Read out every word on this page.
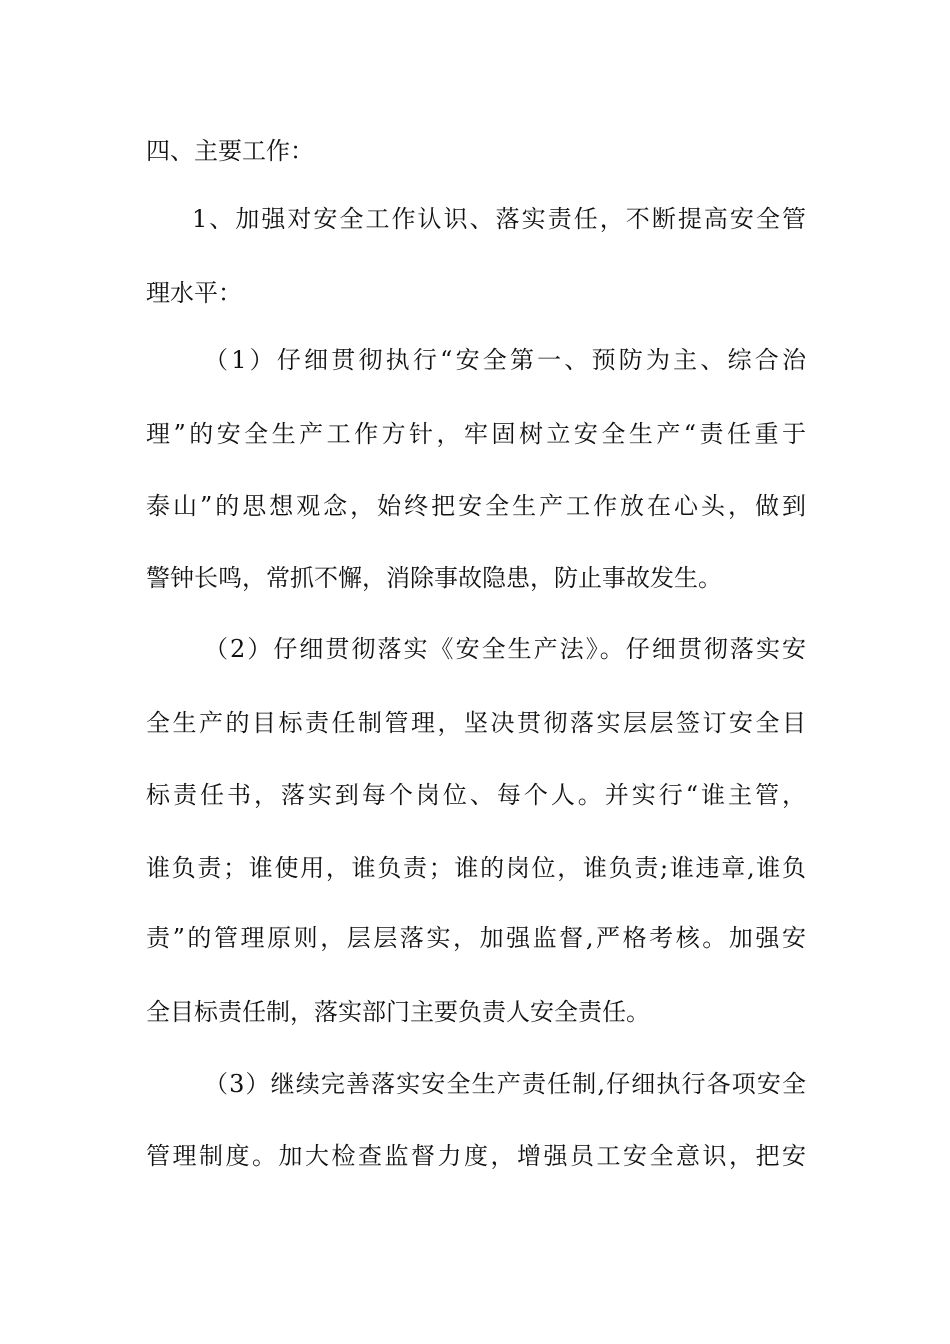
四、主要工作：
1、加强对安全工作认识、落实责任，不断提高安全管
理水平：
（1）仔细贯彻执行“安全第一、预防为主、综合治
理”的安全生产工作方针，牢固树立安全生产“责任重于
泰山”的思想观念，始终把安全生产工作放在心头，做到
警钟长鸣，常抓不懈，消除事故隐患，防止事故发生。
（2）仔细贯彻落实《安全生产法》。仔细贯彻落实安
全生产的目标责任制管理，坚决贯彻落实层层签订安全目
标责任书，落实到每个岗位、每个人。并实行“谁主管，
谁负责；谁使用，谁负责；谁的岗位，谁负责;谁违章,谁负
责”的管理原则，层层落实，加强监督,严格考核。加强安
全目标责任制，落实部门主要负责人安全责任。
（3）继续完善落实安全生产责任制,仔细执行各项安全
管理制度。加大检查监督力度，增强员工安全意识，把安
